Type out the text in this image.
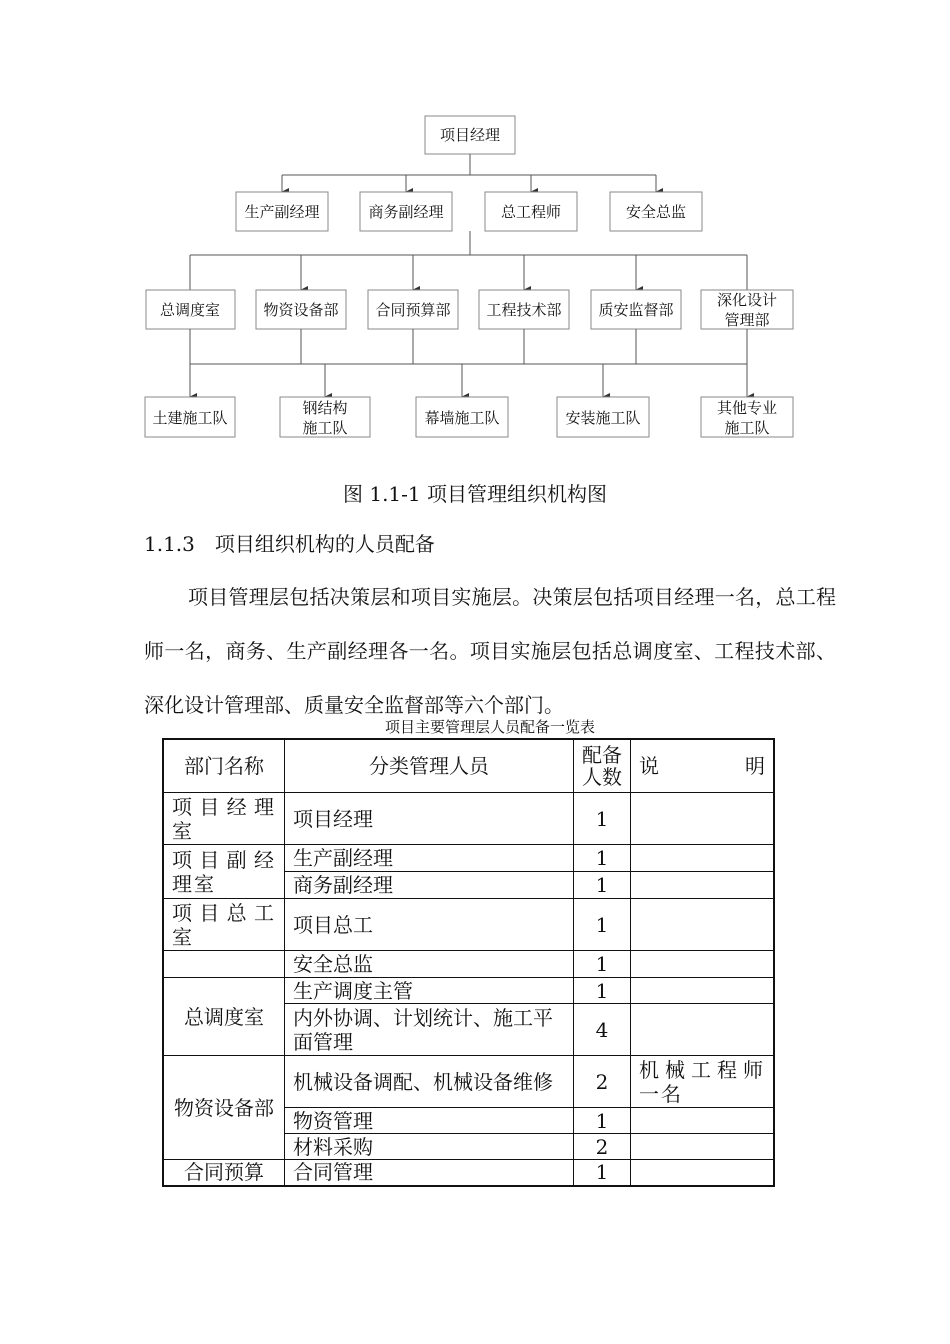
项目经理
生产副经理	商务副经理	总工程师	安全总监
总调度室	物资设备部 合同预算部 工程技术部 质安监督部
深化设计
管理部
土建施工队
钢结构
施工队
幕墙施工队	安装施工队
其他专业
施工队
图 1.1-1 项目管理组织机构图
1.1.3　项目组织机构的人员配备

项目管理层包括决策层和项目实施层。决策层包括项目经理一名，总工程师一名，商务、生产副经理各一名。项目实施层包括总调度室、工程技术部、深化设计管理部、质量安全监督部等六个部门。

项目主要管理层人员配备一览表
部门名称	分类管理人员	配备人数	说　明
项目经理室	项目经理	1	
项目副经理室	生产副经理	1	
	商务副经理	1	
项目总工室	项目总工	1	
	安全总监	1	
总调度室	生产调度主管	1	
	内外协调、计划统计、施工平面管理	4	
物资设备部	机械设备调配、机械设备维修	2	机械工程师一名
	物资管理	1	
	材料采购	2	
合同预算	合同管理	1	
